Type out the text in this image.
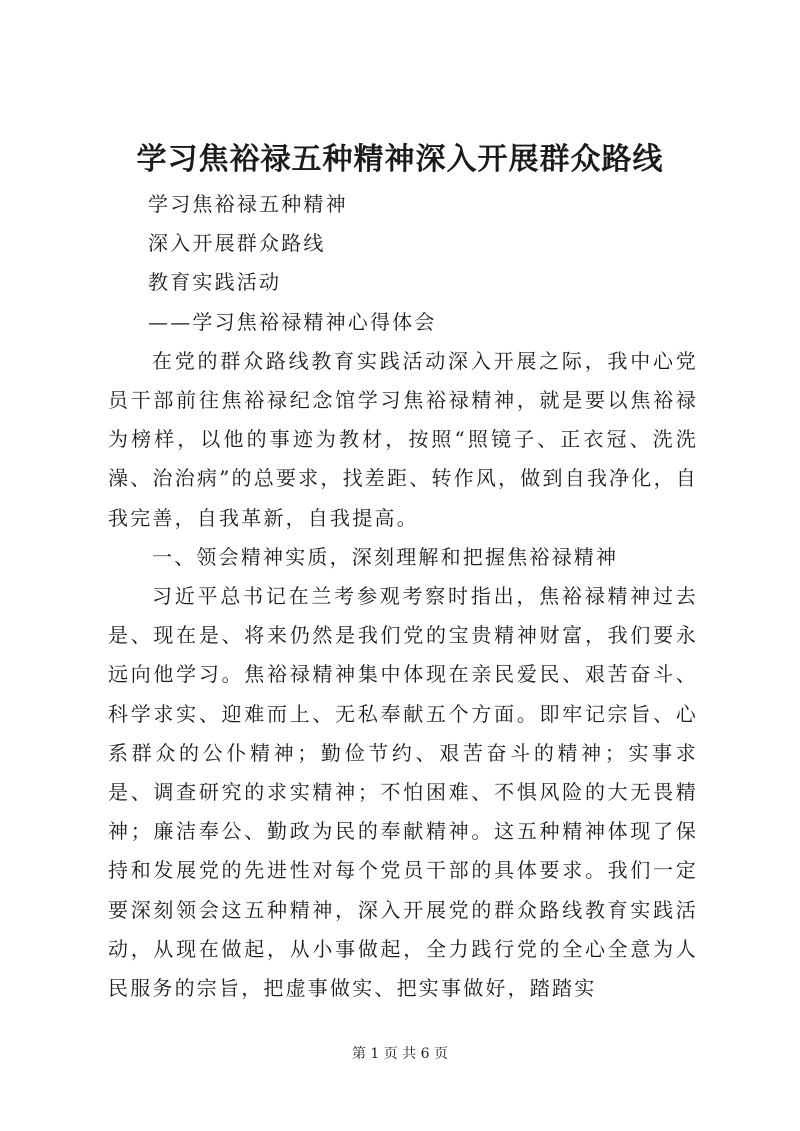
学习焦裕禄五种精神深入开展群众路线

学习焦裕禄五种精神

深入开展群众路线

教育实践活动

——学习焦裕禄精神心得体会

在党的群众路线教育实践活动深入开展之际，我中心党员干部前往焦裕禄纪念馆学习焦裕禄精神，就是要以焦裕禄为榜样，以他的事迹为教材，按照“照镜子、正衣冠、洗洗澡、治治病”的总要求，找差距、转作风，做到自我净化，自我完善，自我革新，自我提高。

一、领会精神实质，深刻理解和把握焦裕禄精神

习近平总书记在兰考参观考察时指出，焦裕禄精神过去是、现在是、将来仍然是我们党的宝贵精神财富，我们要永远向他学习。焦裕禄精神集中体现在亲民爱民、艰苦奋斗、科学求实、迎难而上、无私奉献五个方面。即牢记宗旨、心系群众的公仆精神；勤俭节约、艰苦奋斗的精神；实事求是、调查研究的求实精神；不怕困难、不惧风险的大无畏精神；廉洁奉公、勤政为民的奉献精神。这五种精神体现了保持和发展党的先进性对每个党员干部的具体要求。我们一定要深刻领会这五种精神，深入开展党的群众路线教育实践活动，从现在做起，从小事做起，全力践行党的全心全意为人民服务的宗旨，把虚事做实、把实事做好，踏踏实

第 1 页 共 6 页
